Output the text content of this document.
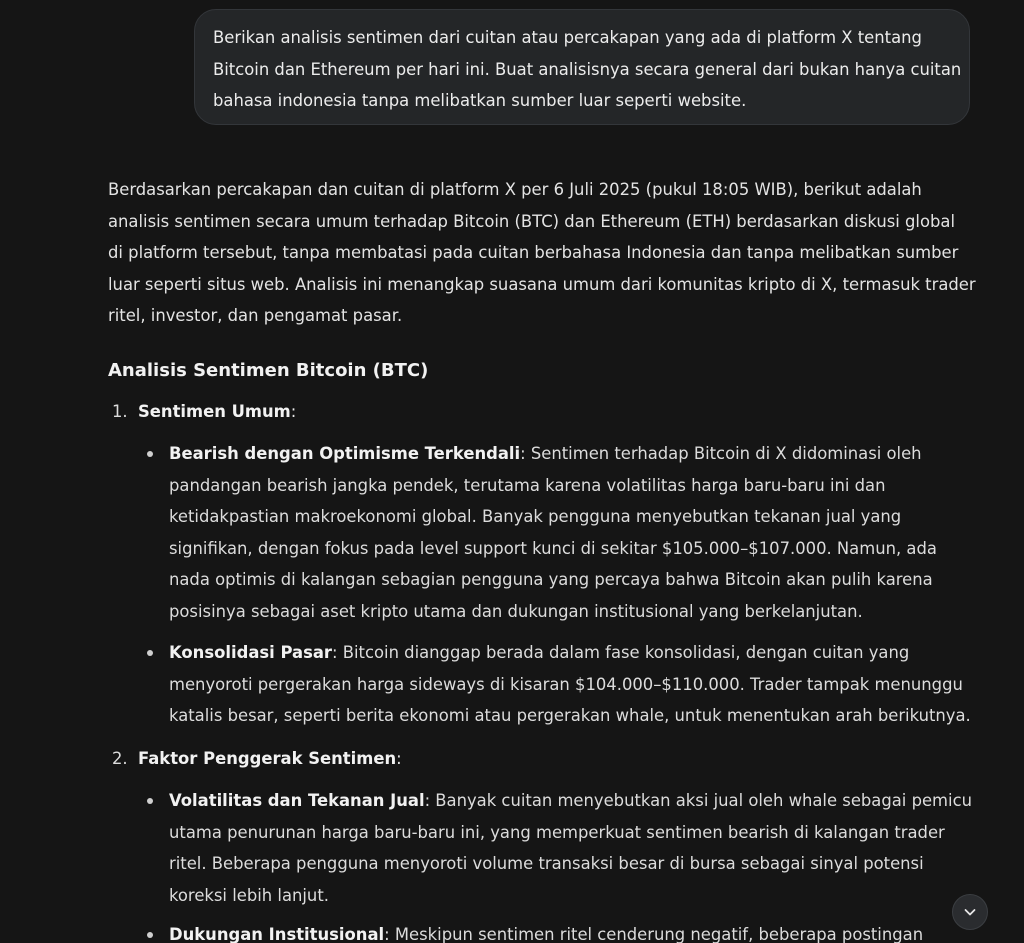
Berikan analisis sentimen dari cuitan atau percakapan yang ada di platform X tentang
Bitcoin dan Ethereum per hari ini. Buat analisisnya secara general dari bukan hanya cuitan
bahasa indonesia tanpa melibatkan sumber luar seperti website.

Berdasarkan percakapan dan cuitan di platform X per 6 Juli 2025 (pukul 18:05 WIB), berikut adalah
analisis sentimen secara umum terhadap Bitcoin (BTC) dan Ethereum (ETH) berdasarkan diskusi global
di platform tersebut, tanpa membatasi pada cuitan berbahasa Indonesia dan tanpa melibatkan sumber
luar seperti situs web. Analisis ini menangkap suasana umum dari komunitas kripto di X, termasuk trader
ritel, investor, dan pengamat pasar.

Analisis Sentimen Bitcoin (BTC)
1. Sentimen Umum:
Bearish dengan Optimisme Terkendali: Sentimen terhadap Bitcoin di X didominasi oleh
pandangan bearish jangka pendek, terutama karena volatilitas harga baru-baru ini dan
ketidakpastian makroekonomi global. Banyak pengguna menyebutkan tekanan jual yang
signifikan, dengan fokus pada level support kunci di sekitar $105.000–$107.000. Namun, ada
nada optimis di kalangan sebagian pengguna yang percaya bahwa Bitcoin akan pulih karena
posisinya sebagai aset kripto utama dan dukungan institusional yang berkelanjutan.
Konsolidasi Pasar: Bitcoin dianggap berada dalam fase konsolidasi, dengan cuitan yang
menyoroti pergerakan harga sideways di kisaran $104.000–$110.000. Trader tampak menunggu
katalis besar, seperti berita ekonomi atau pergerakan whale, untuk menentukan arah berikutnya.
2. Faktor Penggerak Sentimen:
Volatilitas dan Tekanan Jual: Banyak cuitan menyebutkan aksi jual oleh whale sebagai pemicu
utama penurunan harga baru-baru ini, yang memperkuat sentimen bearish di kalangan trader
ritel. Beberapa pengguna menyoroti volume transaksi besar di bursa sebagai sinyal potensi
koreksi lebih lanjut.
Dukungan Institusional: Meskipun sentimen ritel cenderung negatif, beberapa postingan
